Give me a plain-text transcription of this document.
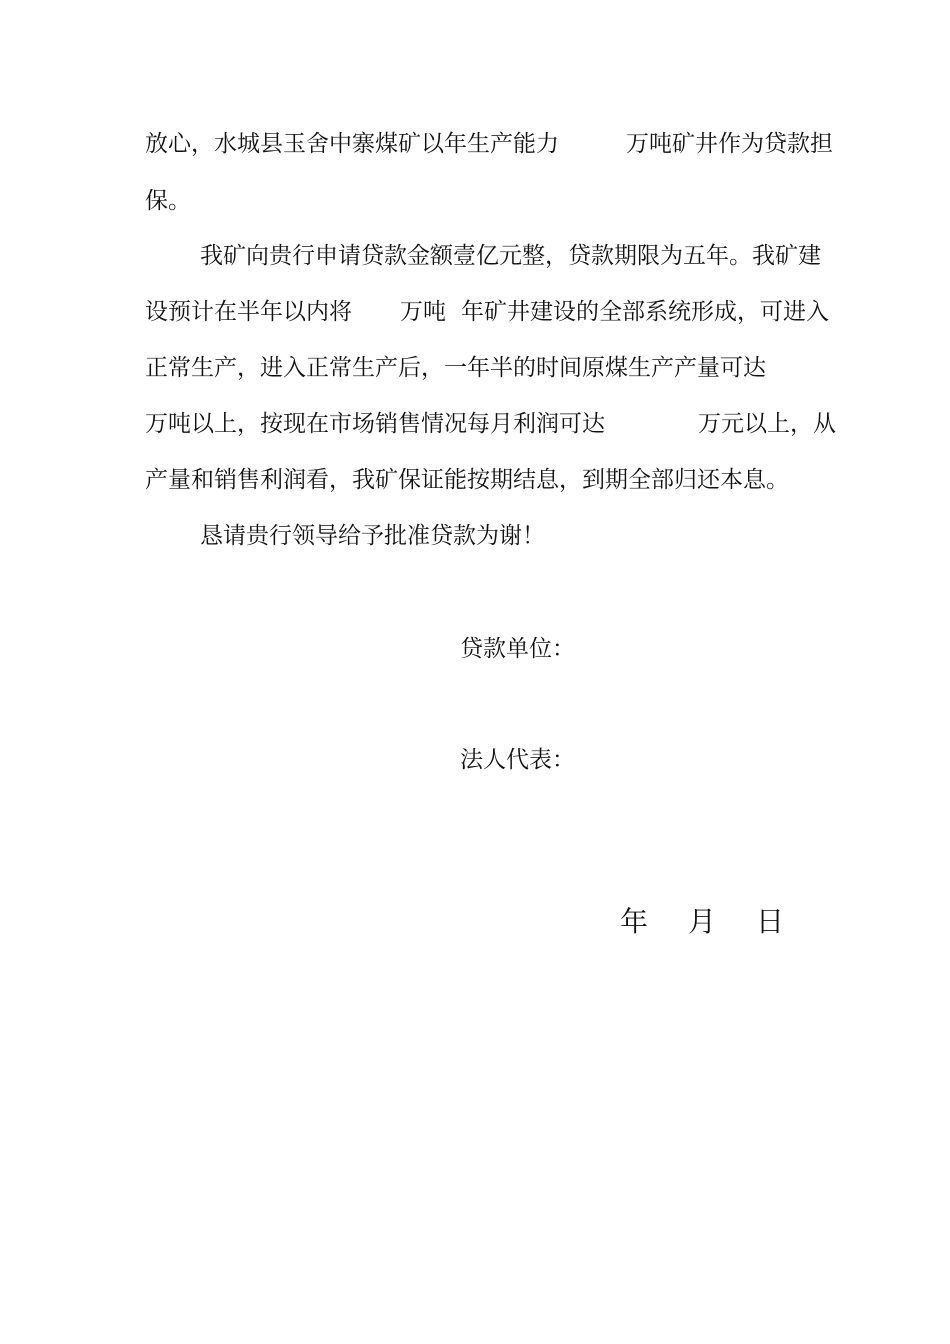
放心，水城县玉舍中寨煤矿以年生产能力

	万吨矿井作为贷款担

保。
我矿向贵行申请贷款金额壹亿元整，贷款期限为五年。我矿建

设预计在半年以内将

万吨

年矿井建设的全部系统形成，可进入

正常生产，进入正常生产后，一年半的时间原煤生产产量可达

万吨以上，按现在市场销售情况每月利润可达

	万元以上，从

产量和销售利润看，我矿保证能按期结息，到期全部归还本息。
恳请贵行领导给予批准贷款为谢！
贷款单位：
法人代表：
年 月 日
